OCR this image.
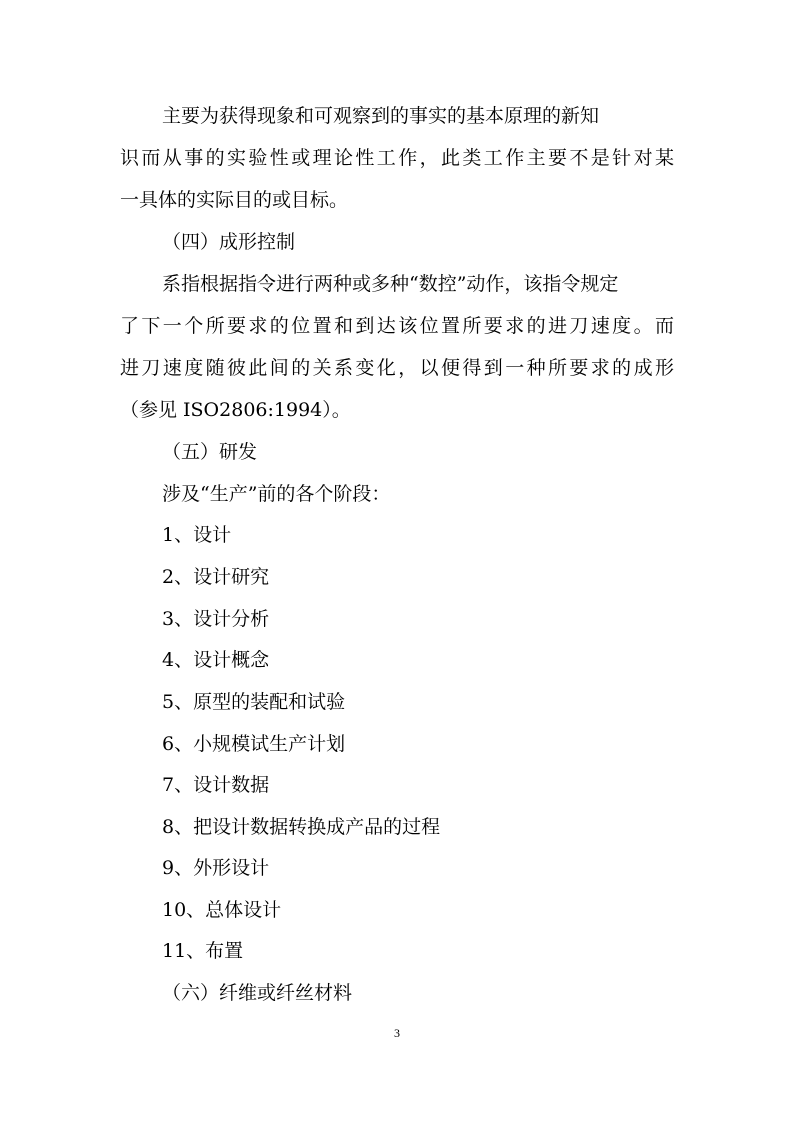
主要为获得现象和可观察到的事实的基本原理的新知
识而从事的实验性或理论性工作，此类工作主要不是针对某
一具体的实际目的或目标。
（四）成形控制
系指根据指令进行两种或多种“数控”动作，该指令规定
了下一个所要求的位置和到达该位置所要求的进刀速度。而
进刀速度随彼此间的关系变化，以便得到一种所要求的成形
（参见 ISO2806:1994）。
（五）研发
涉及“生产”前的各个阶段：
1、设计
2、设计研究
3、设计分析
4、设计概念
5、原型的装配和试验
6、小规模试生产计划
7、设计数据
8、把设计数据转换成产品的过程
9、外形设计
10、总体设计
11、布置
（六）纤维或纤丝材料
3
